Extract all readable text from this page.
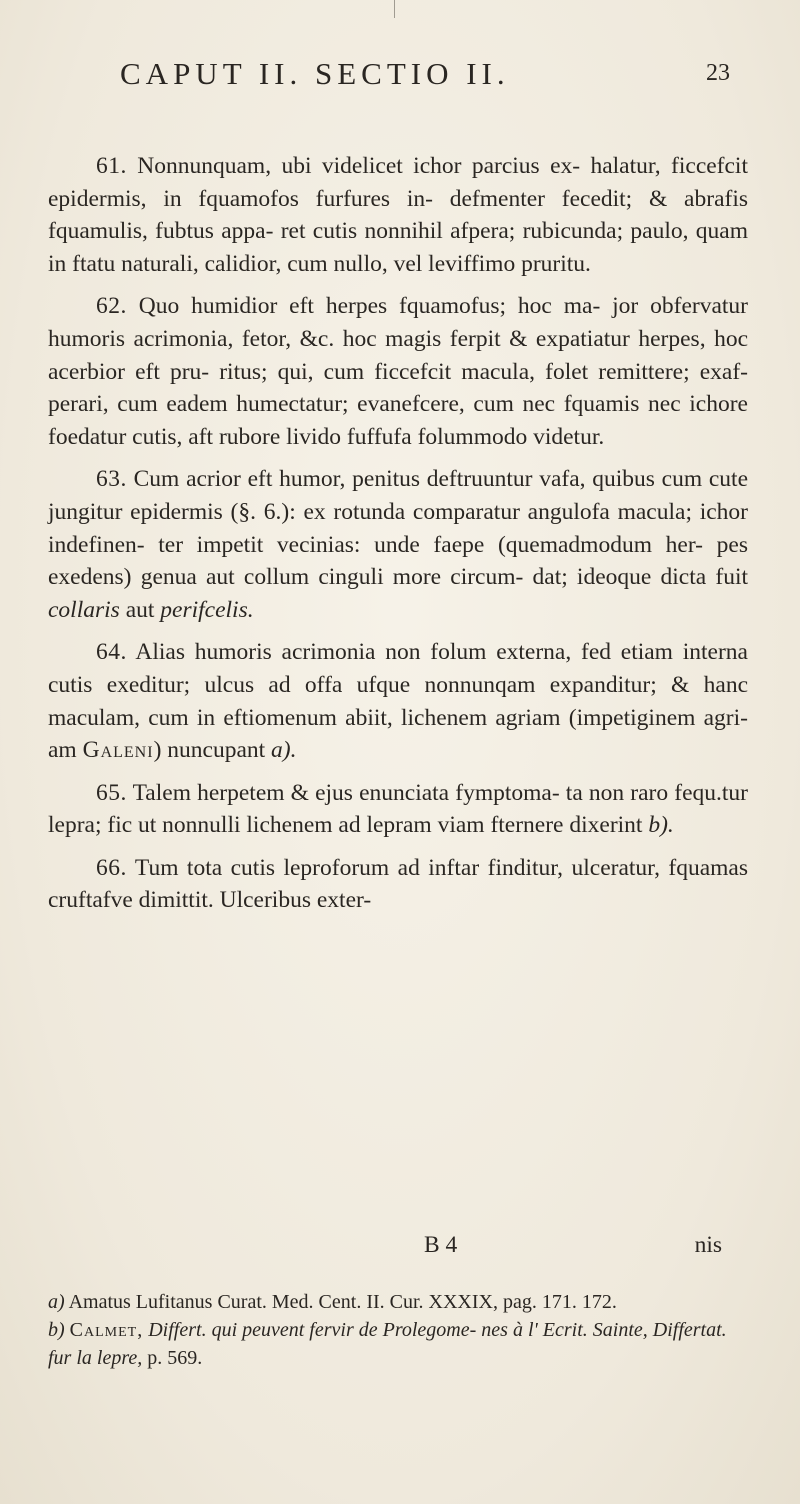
CAPUT II. SECTIO II.	23

61. Nonnunquam, ubi videlicet ichor parcius ex- halatur, ficcefcit epidermis, in fquamofos furfures in- defmenter fecedit; & abrafis fquamulis, fubtus appa- ret cutis nonnihil afpera; rubicunda; paulo, quam in ftatu naturali, calidior, cum nullo, vel leviffimo pruritu.

62. Quo humidior eft herpes fquamofus; hoc ma- jor obfervatur humoris acrimonia, fetor, &c. hoc magis ferpit & expatiatur herpes, hoc acerbior eft pru- ritus; qui, cum ficcefcit macula, folet remittere; exaf- perari, cum eadem humectatur; evanefcere, cum nec fquamis nec ichore foedatur cutis, aft rubore livido fuffufa folummodo videtur.

63. Cum acrior eft humor, penitus deftruuntur vafa, quibus cum cute jungitur epidermis (§. 6.): ex rotunda comparatur angulofa macula; ichor indefinen- ter impetit vecinias: unde faepe (quemadmodum her- pes exedens) genua aut collum cinguli more circum- dat; ideoque dicta fuit collaris aut perifcelis.

64. Alias humoris acrimonia non folum externa, fed etiam interna cutis exeditur; ulcus ad offa ufque nonnunqam expanditur; & hanc maculam, cum in eftiomenum abiit, lichenem agriam (impetiginem agri- am Galeni) nuncupant a).

65. Talem herpetem & ejus enunciata fymptoma- ta non raro fequ.tur lepra; fic ut nonnulli lichenem ad lepram viam fternere dixerint b).

66. Tum tota cutis leproforum ad inftar finditur, ulceratur, fquamas cruftafve dimittit. Ulceribus exter-

B 4	nis

a) Amatus Lufitanus Curat. Med. Cent. II. Cur. XXXIX, pag. 171. 172.

b) Calmet, Differt. qui peuvent fervir de Prolegome- nes à l' Ecrit. Sainte, Differtat. fur la lepre, p. 569.
